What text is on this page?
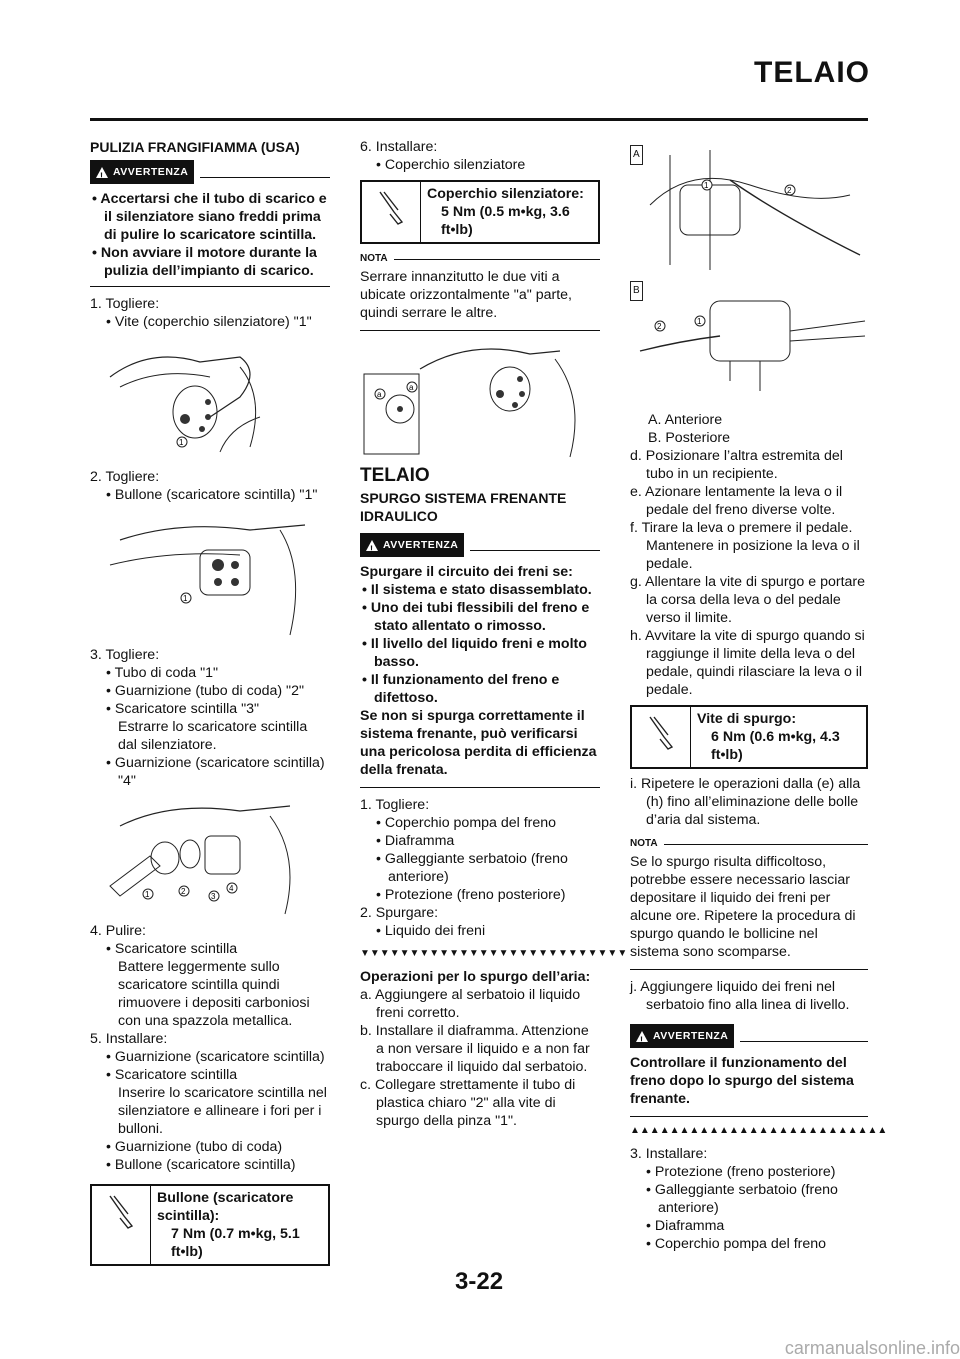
TELAIO
PULIZIA FRANGIFIAMMA (USA)
!
AVVERTENZA
• Accertarsi che il tubo di scarico e il silenziatore siano freddi prima di pulire lo scaricatore scintilla.
• Non avviare il motore durante la pulizia dell’impianto di scarico.
1. Togliere:
• Vite (coperchio silenziatore) "1"
1
2. Togliere:
• Bullone (scaricatore scintilla) "1"
1
3. Togliere:
• Tubo di coda "1"
• Guarnizione (tubo di coda) "2"
• Scaricatore scintilla "3"
Estrarre lo scaricatore scintilla dal silenziatore.
• Guarnizione (scaricatore scintilla) "4"
1	2
3
4
4. Pulire:
• Scaricatore scintilla
Battere leggermente sullo scaricatore scintilla quindi rimuovere i depositi carboniosi con una spazzola metallica.
5. Installare:
• Guarnizione (scaricatore scintilla)
• Scaricatore scintilla
Inserire lo scaricatore scintilla nel silenziatore e allineare i fori per i bulloni.
• Guarnizione (tubo di coda)
• Bullone (scaricatore scintilla)
Bullone (scaricatore scintilla):
7 Nm (0.7 m•kg, 5.1 ft•lb)
6. Installare:
• Coperchio silenziatore
Coperchio silenziatore:
5 Nm (0.5 m•kg, 3.6 ft•lb)
NOTA
Serrare innanzitutto le due viti a ubicate orizzontalmente "a" parte, quindi serrare le altre.
a
a
TELAIO
SPURGO SISTEMA FRENANTE IDRAULICO
!
AVVERTENZA
Spurgare il circuito dei freni se:
• Il sistema e stato disassemblato.
• Uno dei tubi flessibili del freno e stato allentato o rimosso.
• Il livello del liquido freni e molto basso.
• Il funzionamento del freno e difettoso.
Se non si spurga correttamente il sistema frenante, può verificarsi una pericolosa perdita di efficienza della frenata.
1. Togliere:
• Coperchio pompa del freno
• Diaframma
• Galleggiante serbatoio (freno anteriore)
• Protezione (freno posteriore)
2. Spurgare:
• Liquido dei freni
▼▼▼▼▼▼▼▼▼▼▼▼▼▼▼▼▼▼▼▼▼▼▼▼▼▼▼
Operazioni per lo spurgo dell’aria:
a. Aggiungere al serbatoio il liquido freni corretto.
b. Installare il diaframma. Attenzione a non versare il liquido e a non far traboccare il liquido dal serbatoio.
c. Collegare strettamente il tubo di plastica chiaro "2" alla vite di spurgo della pinza "1".
A
1
2
B
2
1
A. Anteriore
B. Posteriore
d. Posizionare l’altra estremita del tubo in un recipiente.
e. Azionare lentamente la leva o il pedale del freno diverse volte.
f. Tirare la leva o premere il pedale. Mantenere in posizione la leva o il pedale.
g. Allentare la vite di spurgo e portare la corsa della leva o del pedale verso il limite.
h. Avvitare la vite di spurgo quando si raggiunge il limite della leva o del pedale, quindi rilasciare la leva o il pedale.
Vite di spurgo:
6 Nm (0.6 m•kg, 4.3 ft•lb)
i. Ripetere le operazioni dalla (e) alla (h) fino all’eliminazione delle bolle d’aria dal sistema.
NOTA
Se lo spurgo risulta difficoltoso, potrebbe essere necessario lasciar depositare il liquido dei freni per alcune ore. Ripetere la procedura di spurgo quando le bollicine nel sistema sono scomparse.
j. Aggiungere liquido dei freni nel serbatoio fino alla linea di livello.
!
AVVERTENZA
Controllare il funzionamento del freno dopo lo spurgo del sistema frenante.
▲▲▲▲▲▲▲▲▲▲▲▲▲▲▲▲▲▲▲▲▲▲▲▲▲▲
3. Installare:
• Protezione (freno posteriore)
• Galleggiante serbatoio (freno anteriore)
• Diaframma
• Coperchio pompa del freno
3-22
carmanualsonline.info
